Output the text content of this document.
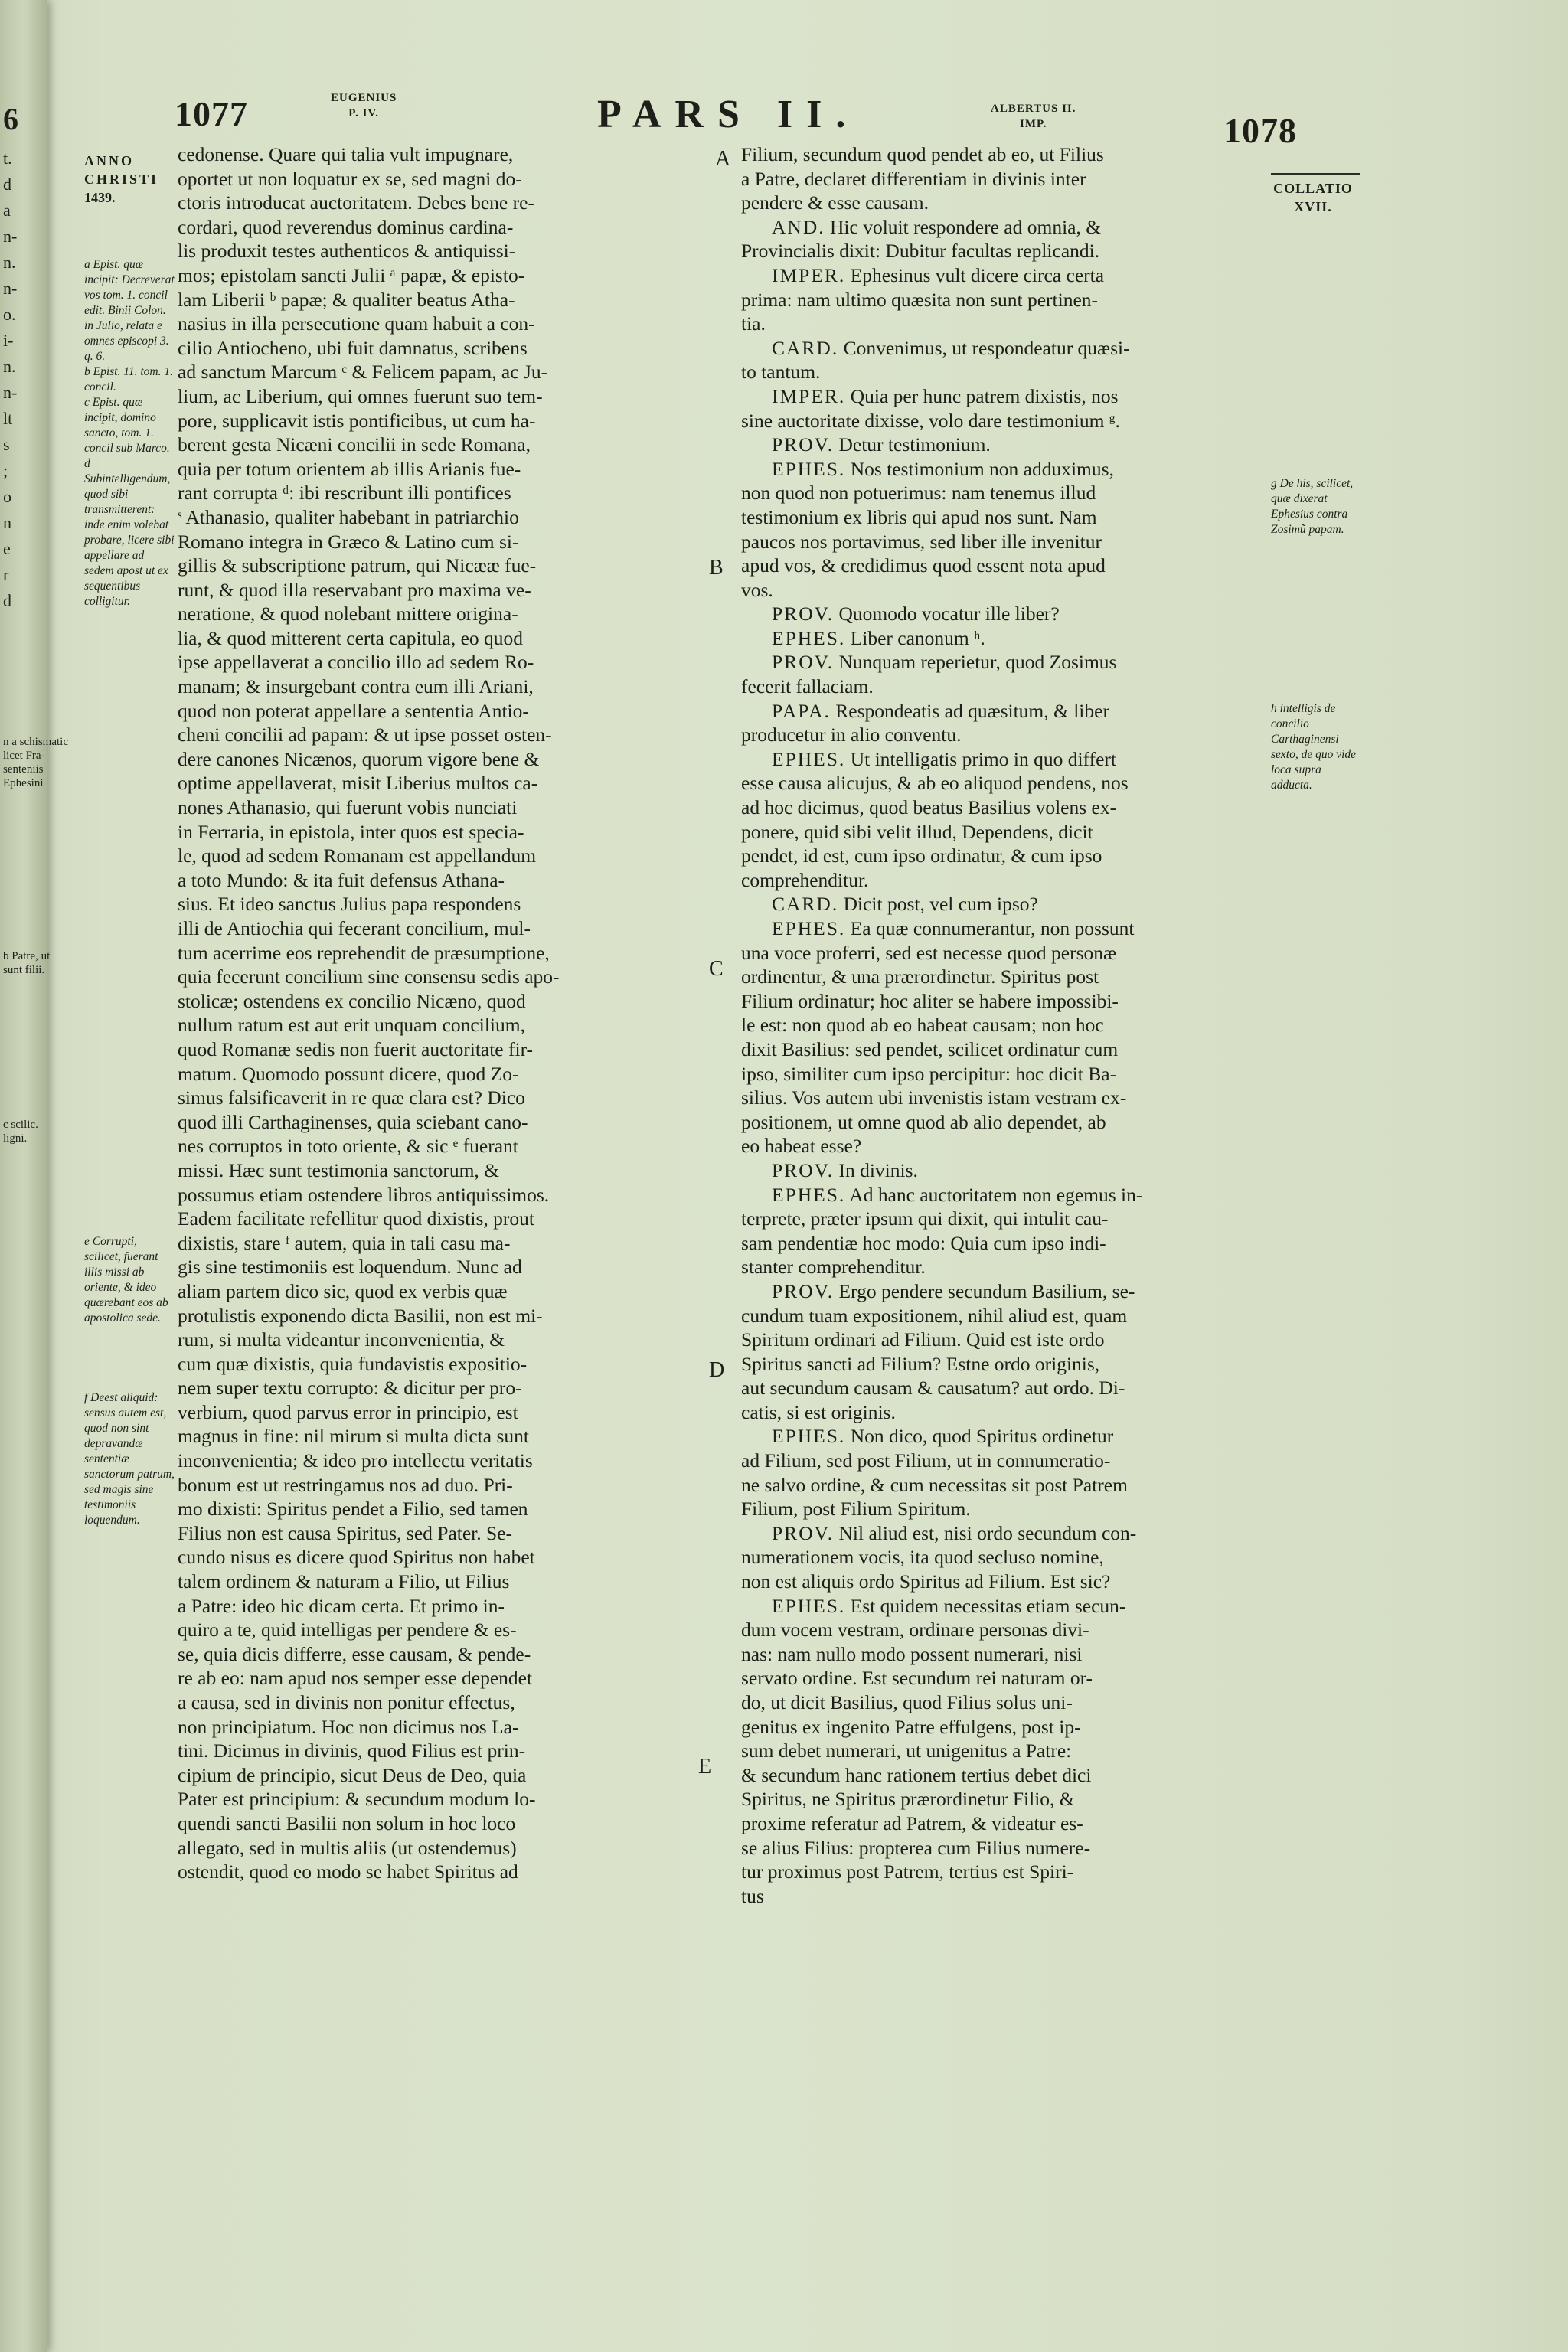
6
t.
d
a
n-
n.
n-
o.
i-
n.
n-
lt
s
;
o
n
e
r
d
n a schismatic
licet Fra-
senteniis
Ephesini
b Patre, ut
sunt filii.
c scilic.
ligni.
1077	EUGENIUS
P. IV.	PARS II.	ALBERTUS II.
IMP.	1078
ANNO
CHRISTI
1439.
a Epist. quæ incipit: Decreverat vos tom. 1. concil edit. Binii Colon. in Julio, relata e omnes episcopi 3. q. 6.
b Epist. 11. tom. 1. concil.
c Epist. quæ incipit, domino sancto, tom. 1. concil sub Marco.
d Subintelligendum, quod sibi transmitterent: inde enim volebat probare, licere sibi appellare ad sedem apost ut ex sequentibus colligitur.
e Corrupti, scilicet, fuerant illis missi ab oriente, & ideo quærebant eos ab apostolica sede.
f Deest aliquid: sensus autem est, quod non sint depravandæ sententiæ sanctorum patrum, sed magis sine testimoniis loquendum.
cedonense. Quare qui talia vult impugnare,
oportet ut non loquatur ex se, sed magni do-
ctoris introducat auctoritatem. Debes bene re-
cordari, quod reverendus dominus cardina-
lis produxit testes authenticos & antiquissi-
mos; epistolam sancti Julii ᵃ papæ, & episto-
lam Liberii ᵇ papæ; & qualiter beatus Atha-
nasius in illa persecutione quam habuit a con-
cilio Antiocheno, ubi fuit damnatus, scribens
ad sanctum Marcum ᶜ & Felicem papam, ac Ju-
lium, ac Liberium, qui omnes fuerunt suo tem-
pore, supplicavit istis pontificibus, ut cum ha-
berent gesta Nicæni concilii in sede Romana,
quia per totum orientem ab illis Arianis fue-
rant corrupta ᵈ: ibi rescribunt illi pontifices
ˢ Athanasio, qualiter habebant in patriarchio
Romano integra in Græco & Latino cum si-
gillis & subscriptione patrum, qui Nicææ fue-
runt, & quod illa reservabant pro maxima ve-
neratione, & quod nolebant mittere origina-
lia, & quod mitterent certa capitula, eo quod
ipse appellaverat a concilio illo ad sedem Ro-
manam; & insurgebant contra eum illi Ariani,
quod non poterat appellare a sententia Antio-
cheni concilii ad papam: & ut ipse posset osten-
dere canones Nicænos, quorum vigore bene &
optime appellaverat, misit Liberius multos ca-
nones Athanasio, qui fuerunt vobis nunciati
in Ferraria, in epistola, inter quos est specia-
le, quod ad sedem Romanam est appellandum
a toto Mundo: & ita fuit defensus Athana-
sius. Et ideo sanctus Julius papa respondens
illi de Antiochia qui fecerant concilium, mul-
tum acerrime eos reprehendit de præsumptione,
quia fecerunt concilium sine consensu sedis apo-
stolicæ; ostendens ex concilio Nicæno, quod
nullum ratum est aut erit unquam concilium,
quod Romanæ sedis non fuerit auctoritate fir-
matum. Quomodo possunt dicere, quod Zo-
simus falsificaverit in re quæ clara est? Dico
quod illi Carthaginenses, quia sciebant cano-
nes corruptos in toto oriente, & sic ᵉ fuerant
missi. Hæc sunt testimonia sanctorum, &
possumus etiam ostendere libros antiquissimos.
Eadem facilitate refellitur quod dixistis, prout
dixistis, stare ᶠ autem, quia in tali casu ma-
gis sine testimoniis est loquendum. Nunc ad
aliam partem dico sic, quod ex verbis quæ
protulistis exponendo dicta Basilii, non est mi-
rum, si multa videantur inconvenientia, &
cum quæ dixistis, quia fundavistis expositio-
nem super textu corrupto: & dicitur per pro-
verbium, quod parvus error in principio, est
magnus in fine: nil mirum si multa dicta sunt
inconvenientia; & ideo pro intellectu veritatis
bonum est ut restringamus nos ad duo. Pri-
mo dixisti: Spiritus pendet a Filio, sed tamen
Filius non est causa Spiritus, sed Pater. Se-
cundo nisus es dicere quod Spiritus non habet
talem ordinem & naturam a Filio, ut Filius
a Patre: ideo hic dicam certa. Et primo in-
quiro a te, quid intelligas per pendere & es-
se, quia dicis differre, esse causam, & pende-
re ab eo: nam apud nos semper esse dependet
a causa, sed in divinis non ponitur effectus,
non principiatum. Hoc non dicimus nos La-
tini. Dicimus in divinis, quod Filius est prin-
cipium de principio, sicut Deus de Deo, quia
Pater est principium: & secundum modum lo-
quendi sancti Basilii non solum in hoc loco
allegato, sed in multis aliis (ut ostendemus)
ostendit, quod eo modo se habet Spiritus ad
Filium, secundum quod pendet ab eo, ut Filius
a Patre, declaret differentiam in divinis inter
pendere & esse causam.
AND. Hic voluit respondere ad omnia, &
Provincialis dixit: Dubitur facultas replicandi.
IMPER. Ephesinus vult dicere circa certa
prima: nam ultimo quæsita non sunt pertinen-
tia.
CARD. Convenimus, ut respondeatur quæsi-
to tantum.
IMPER. Quia per hunc patrem dixistis, nos
sine auctoritate dixisse, volo dare testimonium ᵍ.
PROV. Detur testimonium.
EPHES. Nos testimonium non adduximus,
non quod non potuerimus: nam tenemus illud
testimonium ex libris qui apud nos sunt. Nam
paucos nos portavimus, sed liber ille invenitur
apud vos, & credidimus quod essent nota apud
vos.
PROV. Quomodo vocatur ille liber?
EPHES. Liber canonum ʰ.
PROV. Nunquam reperietur, quod Zosimus
fecerit fallaciam.
PAPA. Respondeatis ad quæsitum, & liber
producetur in alio conventu.
EPHES. Ut intelligatis primo in quo differt
esse causa alicujus, & ab eo aliquod pendens, nos
ad hoc dicimus, quod beatus Basilius volens ex-
ponere, quid sibi velit illud, Dependens, dicit
pendet, id est, cum ipso ordinatur, & cum ipso
comprehenditur.
CARD. Dicit post, vel cum ipso?
EPHES. Ea quæ connumerantur, non possunt
una voce proferri, sed est necesse quod personæ
ordinentur, & una prærordinetur. Spiritus post
Filium ordinatur; hoc aliter se habere impossibi-
le est: non quod ab eo habeat causam; non hoc
dixit Basilius: sed pendet, scilicet ordinatur cum
ipso, similiter cum ipso percipitur: hoc dicit Ba-
silius. Vos autem ubi invenistis istam vestram ex-
positionem, ut omne quod ab alio dependet, ab
eo habeat esse?
PROV. In divinis.
EPHES. Ad hanc auctoritatem non egemus in-
terprete, præter ipsum qui dixit, qui intulit cau-
sam pendentiæ hoc modo: Quia cum ipso indi-
stanter comprehenditur.
PROV. Ergo pendere secundum Basilium, se-
cundum tuam expositionem, nihil aliud est, quam
Spiritum ordinari ad Filium. Quid est iste ordo
Spiritus sancti ad Filium? Estne ordo originis,
aut secundum causam & causatum? aut ordo. Di-
catis, si est originis.
EPHES. Non dico, quod Spiritus ordinetur
ad Filium, sed post Filium, ut in connumeratio-
ne salvo ordine, & cum necessitas sit post Patrem
Filium, post Filium Spiritum.
PROV. Nil aliud est, nisi ordo secundum con-
numerationem vocis, ita quod secluso nomine,
non est aliquis ordo Spiritus ad Filium. Est sic?
EPHES. Est quidem necessitas etiam secun-
dum vocem vestram, ordinare personas divi-
nas: nam nullo modo possent numerari, nisi
servato ordine. Est secundum rei naturam or-
do, ut dicit Basilius, quod Filius solus uni-
genitus ex ingenito Patre effulgens, post ip-
sum debet numerari, ut unigenitus a Patre:
& secundum hanc rationem tertius debet dici
Spiritus, ne Spiritus prærordinetur Filio, &
proxime referatur ad Patrem, & videatur es-
se alius Filius: propterea cum Filius numere-
tur proximus post Patrem, tertius est Spiri-
tus
A
B
C
D
E
COLLATIO
XVII.
g De his, scilicet, quæ dixerat Ephesius contra Zosimũ papam.
h intelligis de concilio Carthaginensi sexto, de quo vide loca supra adducta.
